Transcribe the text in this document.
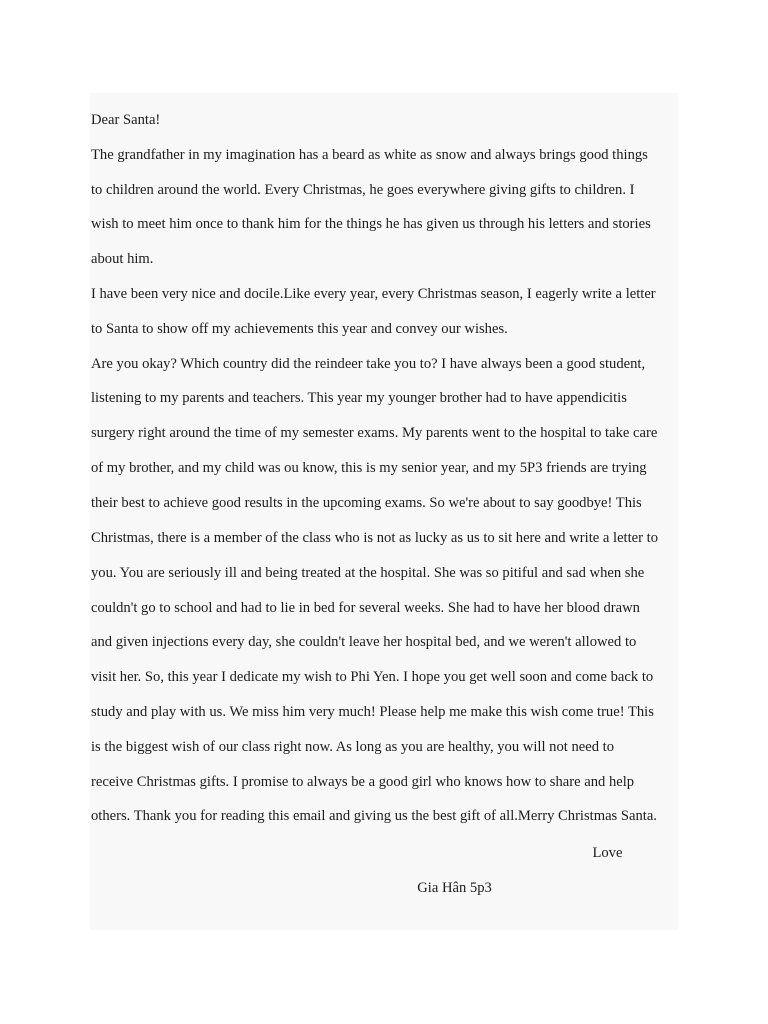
Dear Santa!
The grandfather in my imagination has a beard as white as snow and always brings good things
to children around the world. Every Christmas, he goes everywhere giving gifts to children. I
wish to meet him once to thank him for the things he has given us through his letters and stories
about him.
I have been very nice and docile.Like every year, every Christmas season, I eagerly write a letter
to Santa to show off my achievements this year and convey our wishes.
Are you okay? Which country did the reindeer take you to? I have always been a good student,
listening to my parents and teachers. This year my younger brother had to have appendicitis
surgery right around the time of my semester exams. My parents went to the hospital to take care
of my brother, and my child was ou know, this is my senior year, and my 5P3 friends are trying
their best to achieve good results in the upcoming exams. So we're about to say goodbye! This
Christmas, there is a member of the class who is not as lucky as us to sit here and write a letter to
you. You are seriously ill and being treated at the hospital. She was so pitiful and sad when she
couldn't go to school and had to lie in bed for several weeks. She had to have her blood drawn
and given injections every day, she couldn't leave her hospital bed, and we weren't allowed to
visit her. So, this year I dedicate my wish to Phi Yen. I hope you get well soon and come back to
study and play with us. We miss him very much! Please help me make this wish come true! This
is the biggest wish of our class right now. As long as you are healthy, you will not need to
receive Christmas gifts. I promise to always be a good girl who knows how to share and help
others. Thank you for reading this email and giving us the best gift of all.Merry Christmas Santa.
Love
Gia Hân 5p3
